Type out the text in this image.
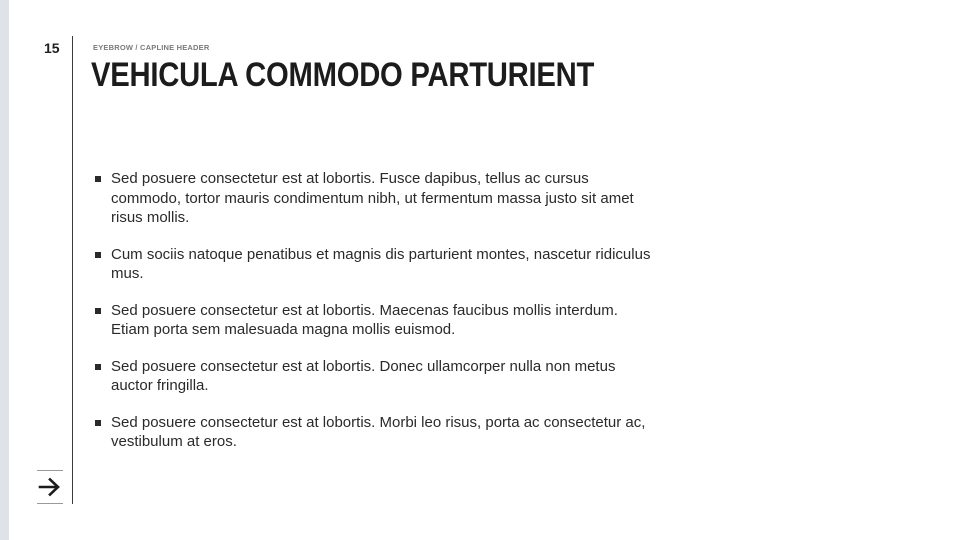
15	EYEBROW / CAPLINE HEADER
VEHICULA COMMODO PARTURIENT
Sed posuere consectetur est at lobortis. Fusce dapibus, tellus ac cursus commodo, tortor mauris condimentum nibh, ut fermentum massa justo sit amet risus mollis.
Cum sociis natoque penatibus et magnis dis parturient montes, nascetur ridiculus mus.
Sed posuere consectetur est at lobortis. Maecenas faucibus mollis interdum. Etiam porta sem malesuada magna mollis euismod.
Sed posuere consectetur est at lobortis. Donec ullamcorper nulla non metus auctor fringilla.
Sed posuere consectetur est at lobortis. Morbi leo risus, porta ac consectetur ac, vestibulum at eros.
